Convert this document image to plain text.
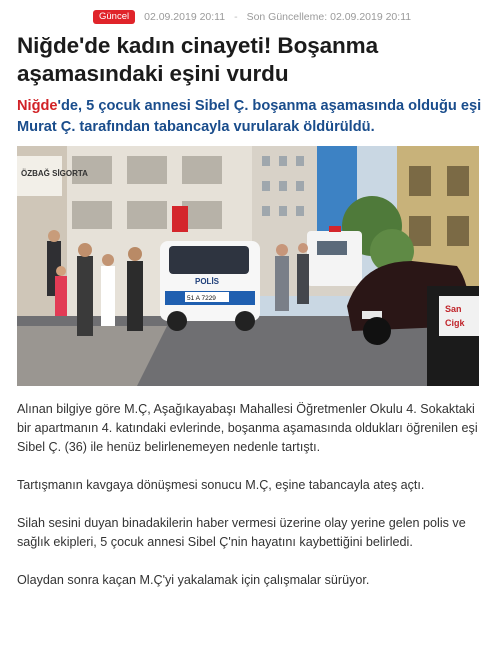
Güncel	02.09.2019 20:11 - Son Güncelleme: 02.09.2019 20:11
Niğde'de kadın cinayeti! Boşanma aşamasındaki eşini vurdu

Niğde'de, 5 çocuk annesi Sibel Ç. boşanma aşamasında olduğu eşi Murat Ç. tarafından tabancayla vurularak öldürüldü.

ÖZBAĞ SİGORTA
POLİS
51 A 7229
San
Cigk

Alınan bilgiye göre M.Ç, Aşağıkayabaşı Mahallesi Öğretmenler Okulu 4. Sokaktaki bir apartmanın 4. katındaki evlerinde, boşanma aşamasında oldukları öğrenilen eşi Sibel Ç. (36) ile henüz belirlenemeyen nedenle tartıştı.

Tartışmanın kavgaya dönüşmesi sonucu M.Ç, eşine tabancayla ateş açtı.

Silah sesini duyan binadakilerin haber vermesi üzerine olay yerine gelen polis ve sağlık ekipleri, 5 çocuk annesi Sibel Ç'nin hayatını kaybettiğini belirledi.

Olaydan sonra kaçan M.Ç'yi yakalamak için çalışmalar sürüyor.
